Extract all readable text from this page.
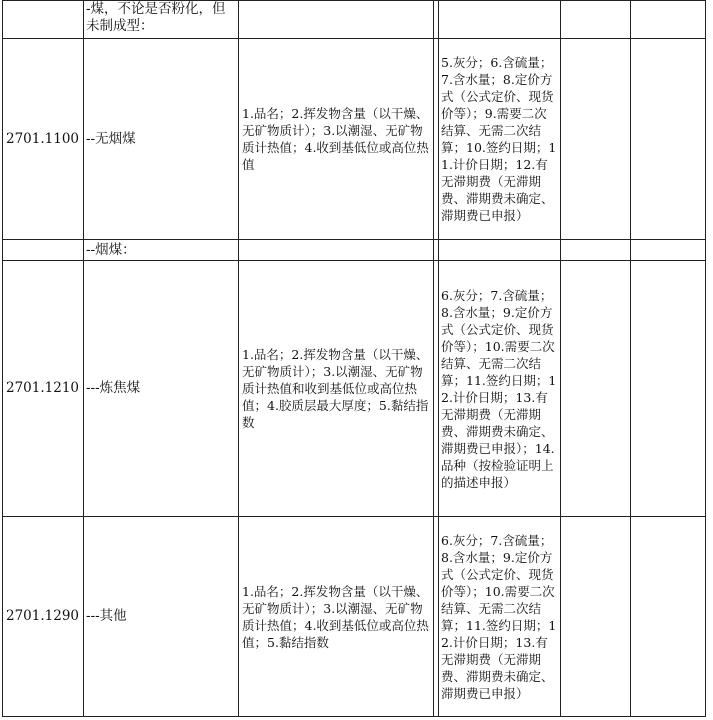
	-煤，不论是否粉化，但未制成型：					
2701.1100	--无烟煤	1.品名；2.挥发物含量（以干燥、无矿物质计）；3.以潮湿、无矿物质计热值；4.收到基低位或高位热值		5.灰分；6.含硫量；7.含水量；8.定价方式（公式定价、现货价等）；9.需要二次结算、无需二次结算；10.签约日期；11.计价日期；12.有无滞期费（无滞期费、滞期费未确定、滞期费已申报）		
	--烟煤：					
2701.1210	---炼焦煤	1.品名；2.挥发物含量（以干燥、无矿物质计）；3.以潮湿、无矿物质计热值和收到基低位或高位热值；4.胶质层最大厚度；5.黏结指数		6.灰分；7.含硫量；8.含水量；9.定价方式（公式定价、现货价等）；10.需要二次结算、无需二次结算；11.签约日期；12.计价日期；13.有无滞期费（无滞期费、滞期费未确定、滞期费已申报）；14.品种（按检验证明上的描述申报）		
2701.1290	---其他	1.品名；2.挥发物含量（以干燥、无矿物质计）；3.以潮湿、无矿物质计热值；4.收到基低位或高位热值；5.黏结指数		6.灰分；7.含硫量；8.含水量；9.定价方式（公式定价、现货价等）；10.需要二次结算、无需二次结算；11.签约日期；12.计价日期；13.有无滞期费（无滞期费、滞期费未确定、滞期费已申报）		
